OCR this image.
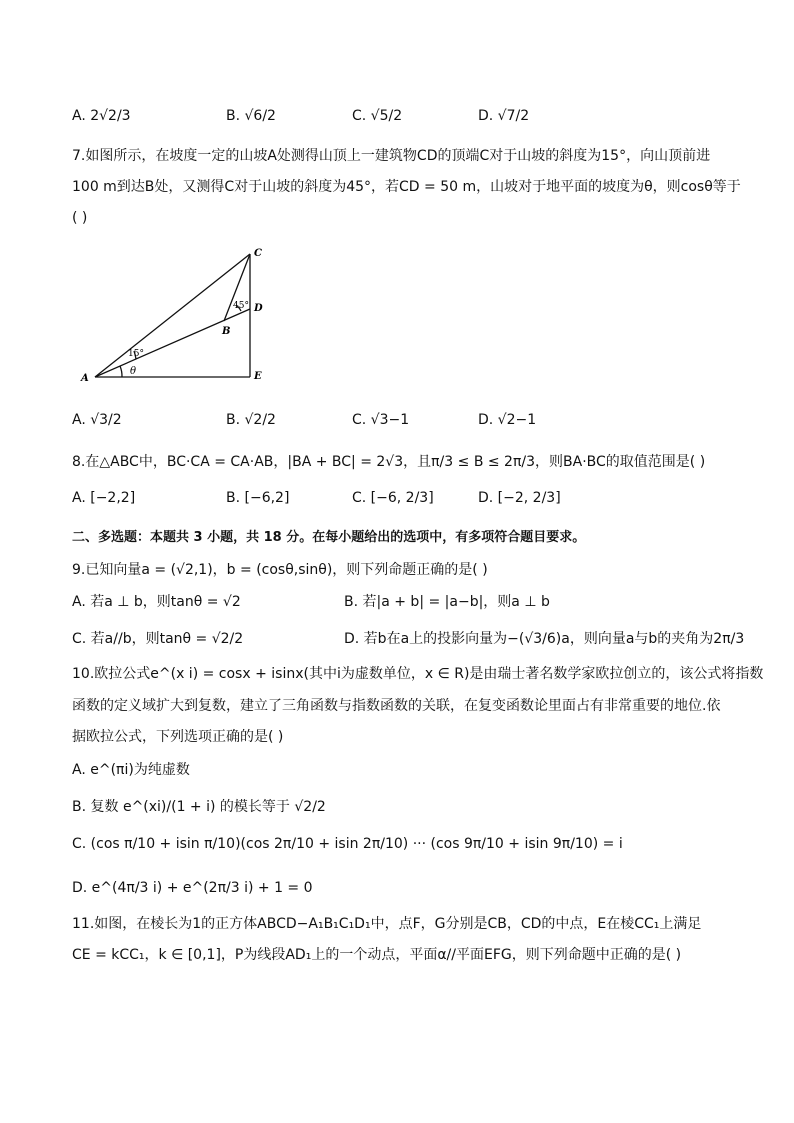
A. 2√2/3	B. √6/2	C. √5/2	D. √7/2
7.如图所示，在坡度一定的山坡A处测得山顶上一建筑物CD的顶端C对于山坡的斜度为15°，向山顶前进
100 m到达B处，又测得C对于山坡的斜度为45°，若CD = 50 m，山坡对于地平面的坡度为θ，则cosθ等于
( )
C
D
B
A	E
15°
45°
θ
A. √3/2	B. √2/2	C. √3−1	D. √2−1
8.在△ABC中，BC·CA = CA·AB，|BA + BC| = 2√3，且π/3 ≤ B ≤ 2π/3，则BA·BC的取值范围是( )
A. [−2,2]	B. [−6,2]	C. [−6, 2/3]	D. [−2, 2/3]
二、多选题：本题共 3 小题，共 18 分。在每小题给出的选项中，有多项符合题目要求。
9.已知向量a = (√2,1)，b = (cosθ,sinθ)，则下列命题正确的是( )
A. 若a ⊥ b，则tanθ = √2	B. 若|a + b| = |a−b|，则a ⊥ b
C. 若a//b，则tanθ = √2/2	D. 若b在a上的投影向量为−(√3/6)a，则向量a与b的夹角为2π/3
10.欧拉公式e^(x i) = cosx + isinx(其中i为虚数单位，x ∈ R)是由瑞士著名数学家欧拉创立的，该公式将指数
函数的定义域扩大到复数，建立了三角函数与指数函数的关联，在复变函数论里面占有非常重要的地位.依
据欧拉公式，下列选项正确的是( )
A. e^(πi)为纯虚数
B. 复数 e^(xi)/(1 + i) 的模长等于 √2/2
C. (cos π/10 + isin π/10)(cos 2π/10 + isin 2π/10) ··· (cos 9π/10 + isin 9π/10) = i
D. e^(4π/3 i) + e^(2π/3 i) + 1 = 0
11.如图，在棱长为1的正方体ABCD−A₁B₁C₁D₁中，点F，G分别是CB，CD的中点，E在棱CC₁上满足
CE = kCC₁，k ∈ [0,1]，P为线段AD₁上的一个动点，平面α//平面EFG，则下列命题中正确的是( )
